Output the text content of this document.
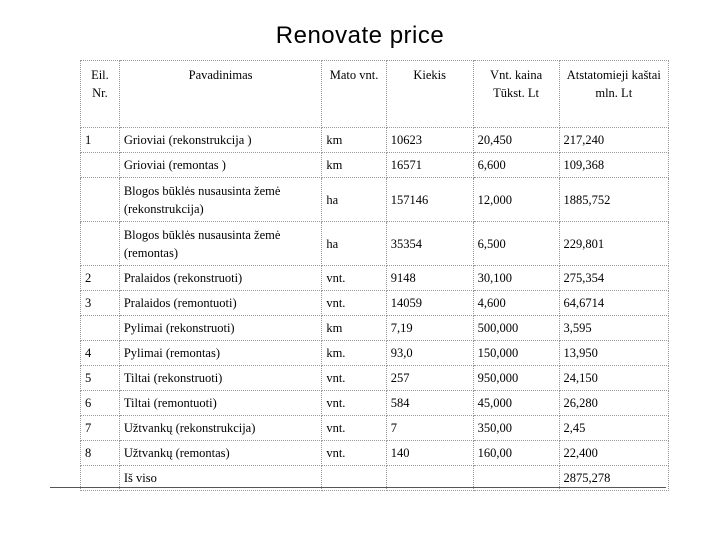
Renovate price
Eil. Nr.	Pavadinimas	Mato vnt.	Kiekis	Vnt. kaina Tūkst. Lt	Atstatomieji kaštai mln. Lt
1	Grioviai (rekonstrukcija )	km	10623	20,450	217,240
	Grioviai (remontas )	km	16571	6,600	109,368
	Blogos būklės nusausinta žemė (rekonstrukcija)	ha	157146	12,000	1885,752
	Blogos būklės nusausinta žemė (remontas)	ha	35354	6,500	229,801
2	Pralaidos (rekonstruoti)	vnt.	9148	30,100	275,354
3	Pralaidos (remontuoti)	vnt.	14059	4,600	64,6714
	Pylimai (rekonstruoti)	km	7,19	500,000	3,595
4	Pylimai (remontas)	km.	93,0	150,000	13,950
5	Tiltai (rekonstruoti)	vnt.	257	950,000	24,150
6	Tiltai (remontuoti)	vnt.	584	45,000	26,280
7	Užtvankų (rekonstrukcija)	vnt.	7	350,00	2,45
8	Užtvankų (remontas)	vnt.	140	160,00	22,400
	Iš viso				2875,278
